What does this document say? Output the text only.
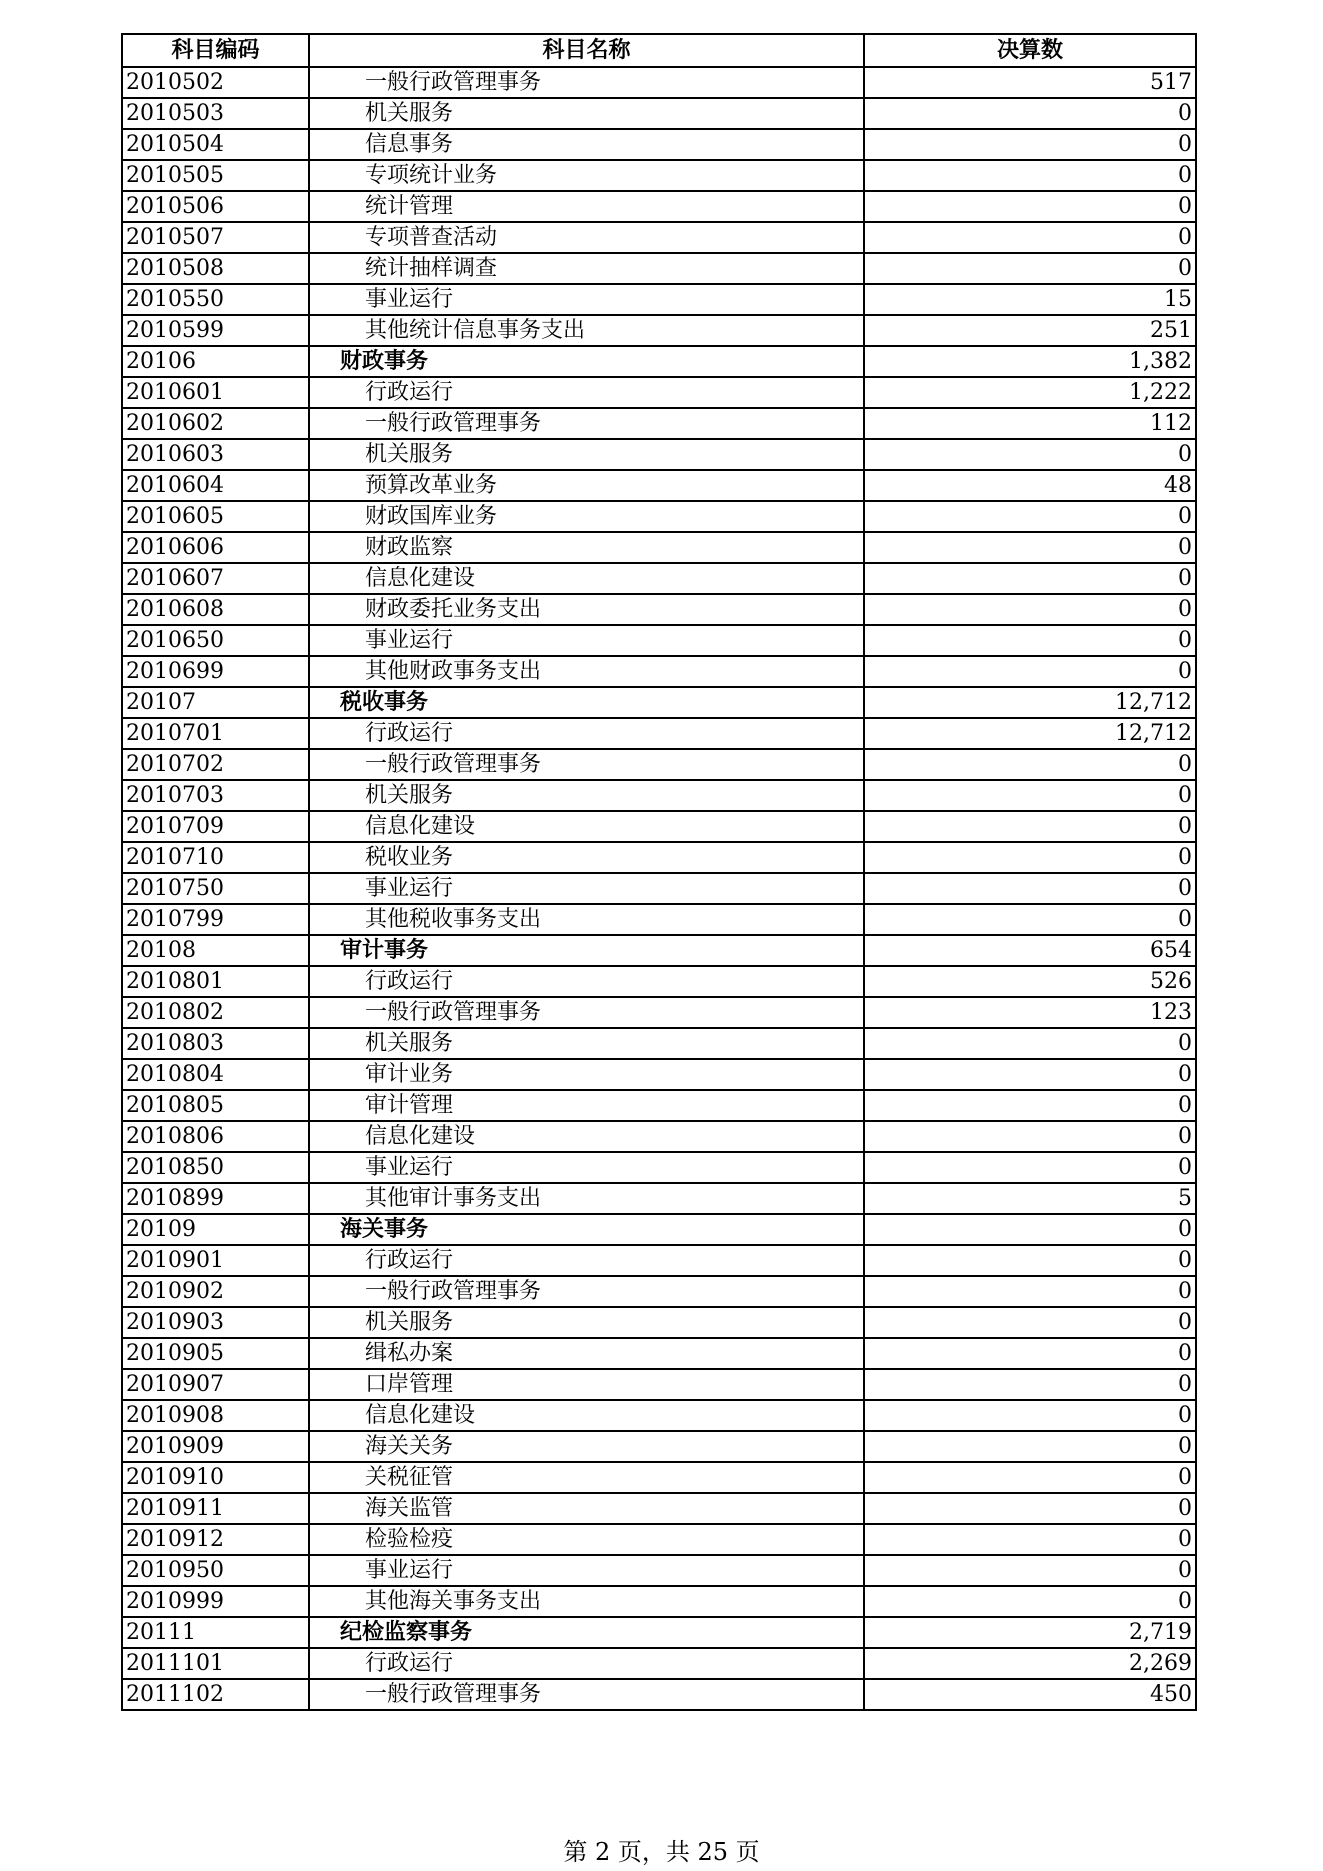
科目编码	科目名称	决算数
2010502	一般行政管理事务	517
2010503	机关服务	0
2010504	信息事务	0
2010505	专项统计业务	0
2010506	统计管理	0
2010507	专项普查活动	0
2010508	统计抽样调查	0
2010550	事业运行	15
2010599	其他统计信息事务支出	251
20106	财政事务	1,382
2010601	行政运行	1,222
2010602	一般行政管理事务	112
2010603	机关服务	0
2010604	预算改革业务	48
2010605	财政国库业务	0
2010606	财政监察	0
2010607	信息化建设	0
2010608	财政委托业务支出	0
2010650	事业运行	0
2010699	其他财政事务支出	0
20107	税收事务	12,712
2010701	行政运行	12,712
2010702	一般行政管理事务	0
2010703	机关服务	0
2010709	信息化建设	0
2010710	税收业务	0
2010750	事业运行	0
2010799	其他税收事务支出	0
20108	审计事务	654
2010801	行政运行	526
2010802	一般行政管理事务	123
2010803	机关服务	0
2010804	审计业务	0
2010805	审计管理	0
2010806	信息化建设	0
2010850	事业运行	0
2010899	其他审计事务支出	5
20109	海关事务	0
2010901	行政运行	0
2010902	一般行政管理事务	0
2010903	机关服务	0
2010905	缉私办案	0
2010907	口岸管理	0
2010908	信息化建设	0
2010909	海关关务	0
2010910	关税征管	0
2010911	海关监管	0
2010912	检验检疫	0
2010950	事业运行	0
2010999	其他海关事务支出	0
20111	纪检监察事务	2,719
2011101	行政运行	2,269
2011102	一般行政管理事务	450
第 2 页，共 25 页
